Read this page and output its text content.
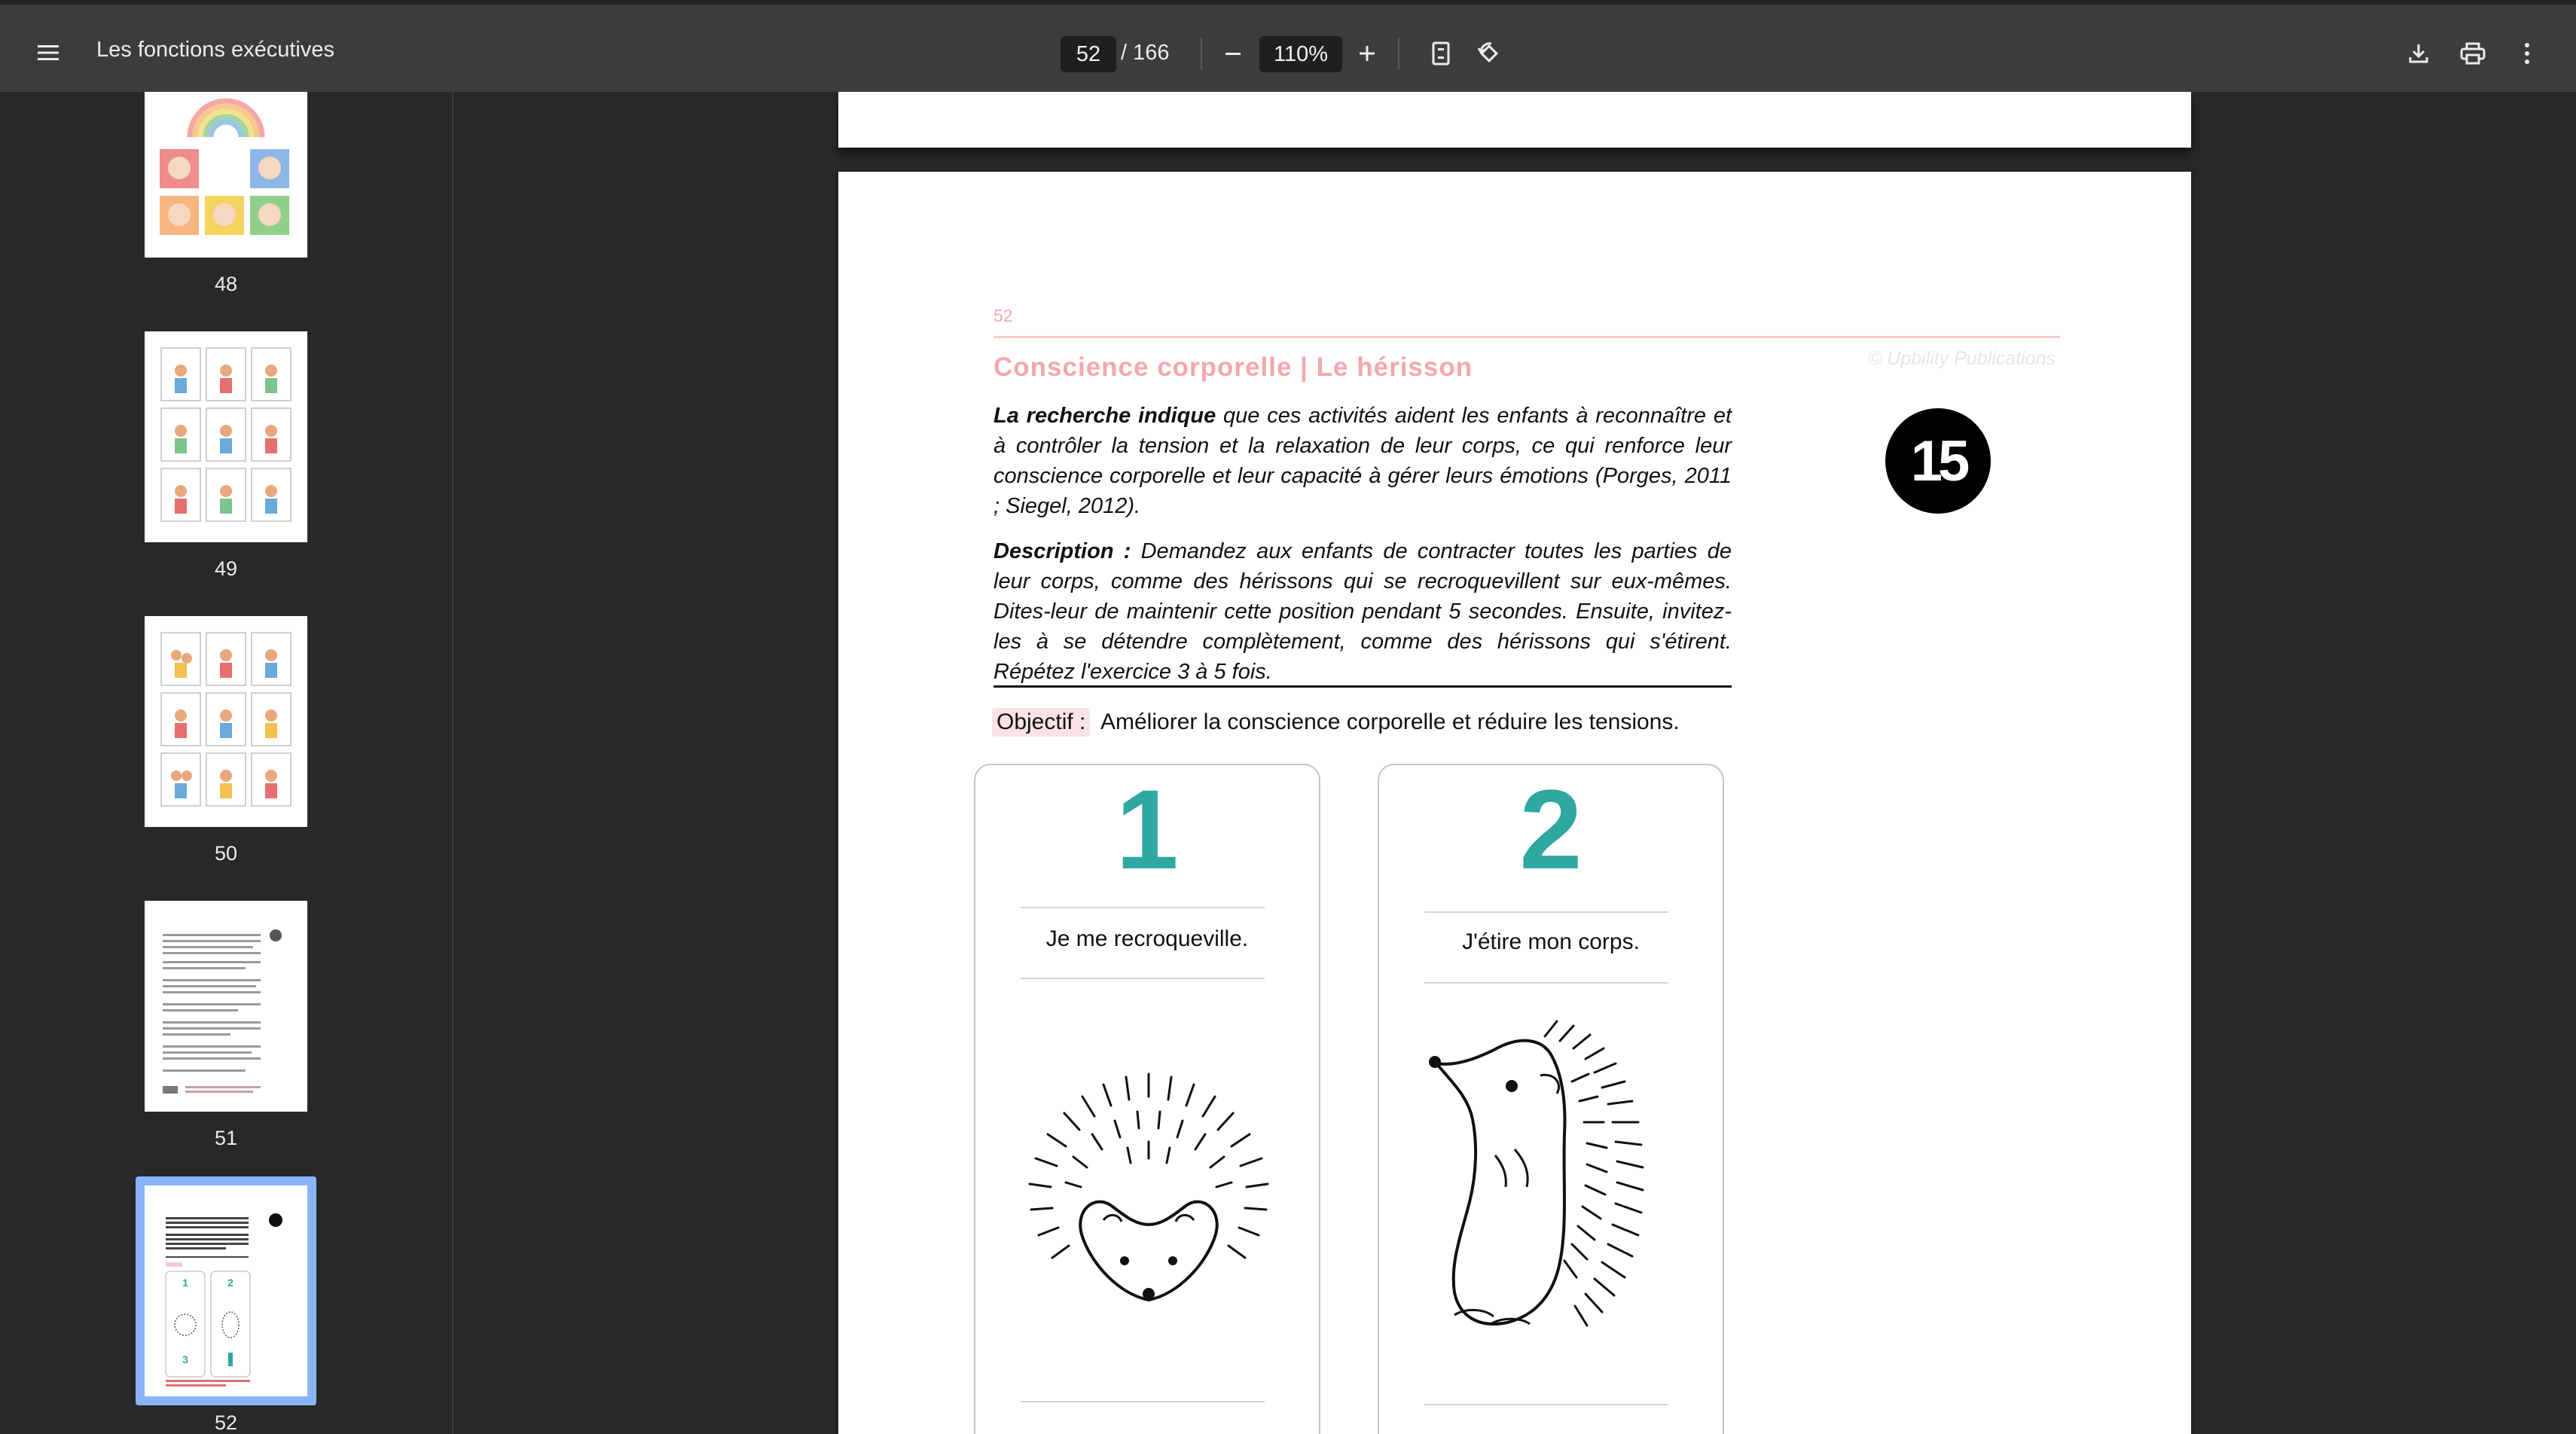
Les fonctions exécutives
52	/ 166
110%
48
49
50
51
1	2
3
52
52
Conscience corporelle | Le hérisson	© Upbility Publications
15

La recherche indique que ces activités aident les enfants à reconnaître et à contrôler la tension et la relaxation de leur corps, ce qui renforce leur conscience corporelle et leur capacité à gérer leurs émotions (Porges, 2011 ; Siegel, 2012).

Description : Demandez aux enfants de contracter toutes les parties de leur corps, comme des hérissons qui se recroquevillent sur eux-mêmes. Dites-leur de maintenir cette position pendant 5 secondes. Ensuite, invitez-les à se détendre complètement, comme des hérissons qui s'étirent. Répétez l'exercice 3 à 5 fois.

Objectif : Améliorer la conscience corporelle et réduire les tensions.
1
Je me recroqueville.
2
J'étire mon corps.
